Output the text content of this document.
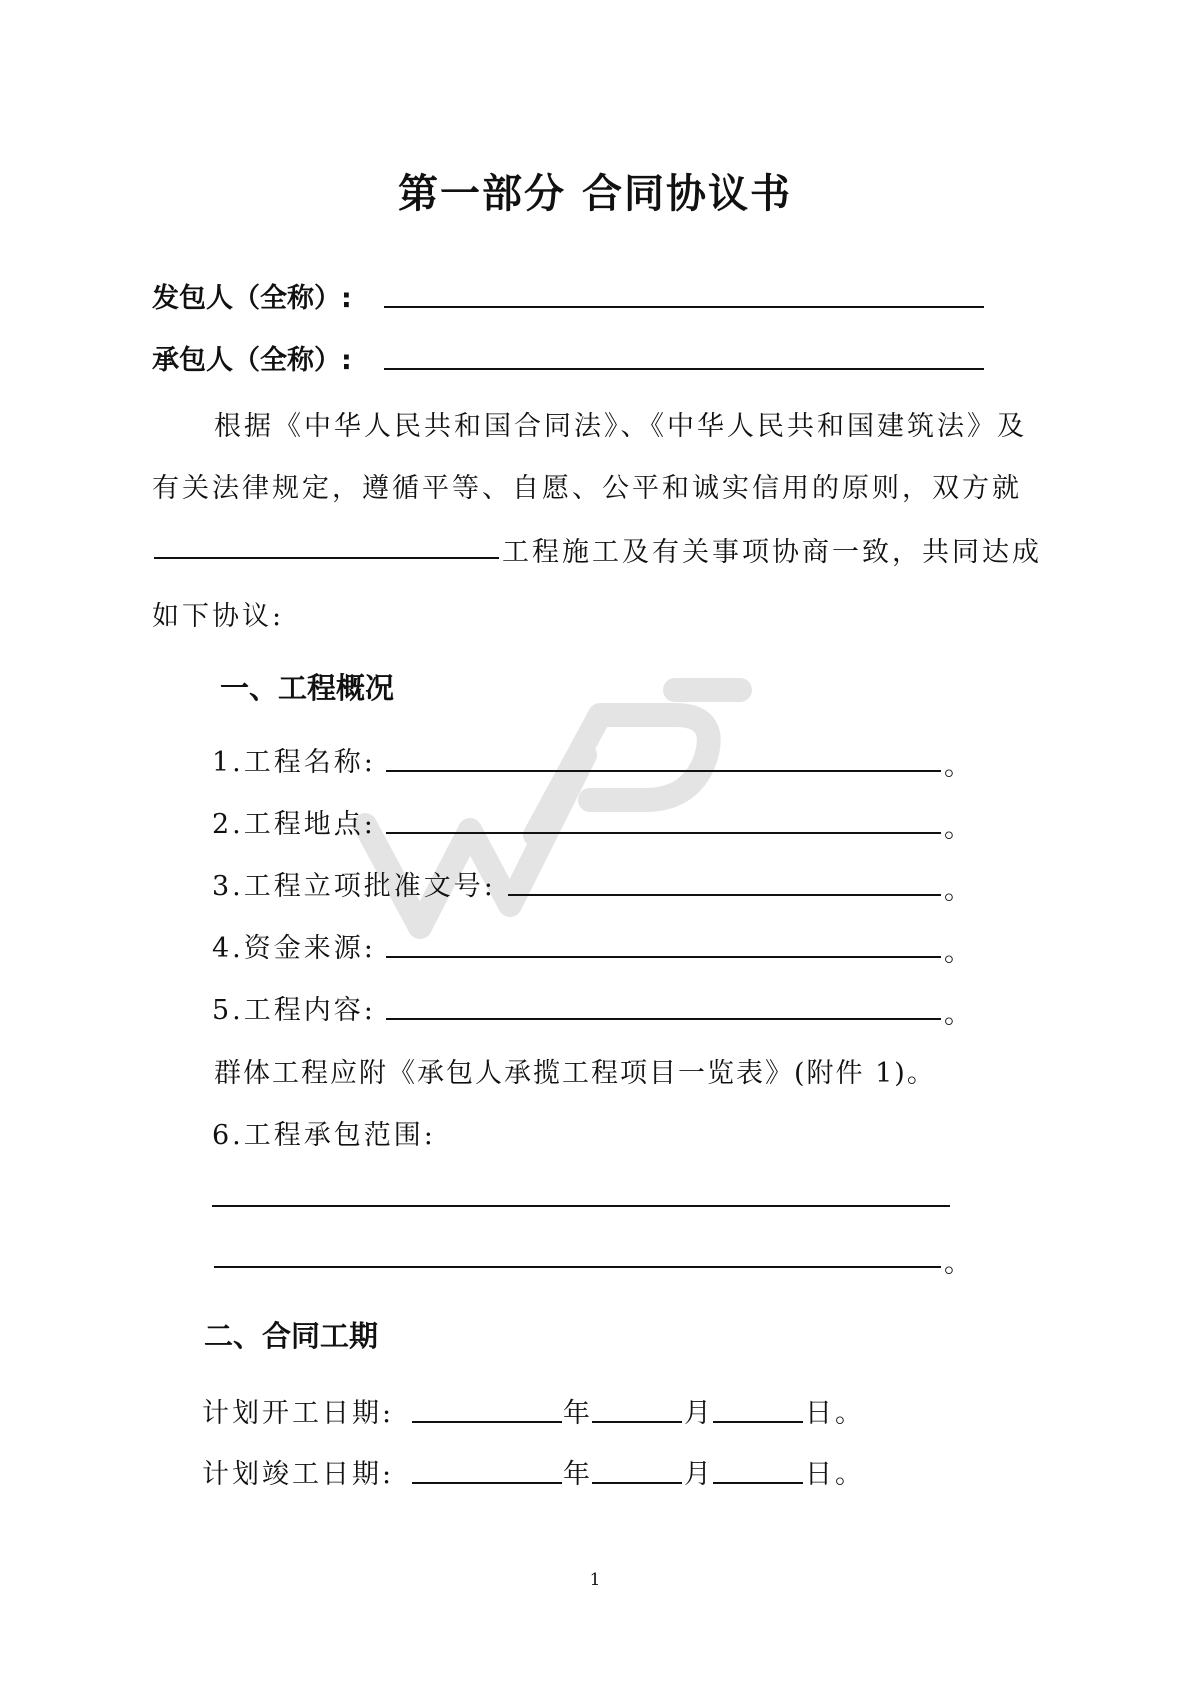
第一部分 合同协议书
发包人（全称）:
承包人（全称）:
根据《中华人民共和国合同法》、《中华人民共和国建筑法》及
有关法律规定，遵循平等、自愿、公平和诚实信用的原则，双方就
工程施工及有关事项协商一致，共同达成
如下协议:
一、工程概况
1.工程名称:	。
2.工程地点:	。
3.工程立项批准文号:	。
4.资金来源:	。
5.工程内容:	。
群体工程应附《承包人承揽工程项目一览表》(附件 1)。
6.工程承包范围:
。
二、合同工期
计划开工日期:	年	月	日。
计划竣工日期:	年	月	日。
1
